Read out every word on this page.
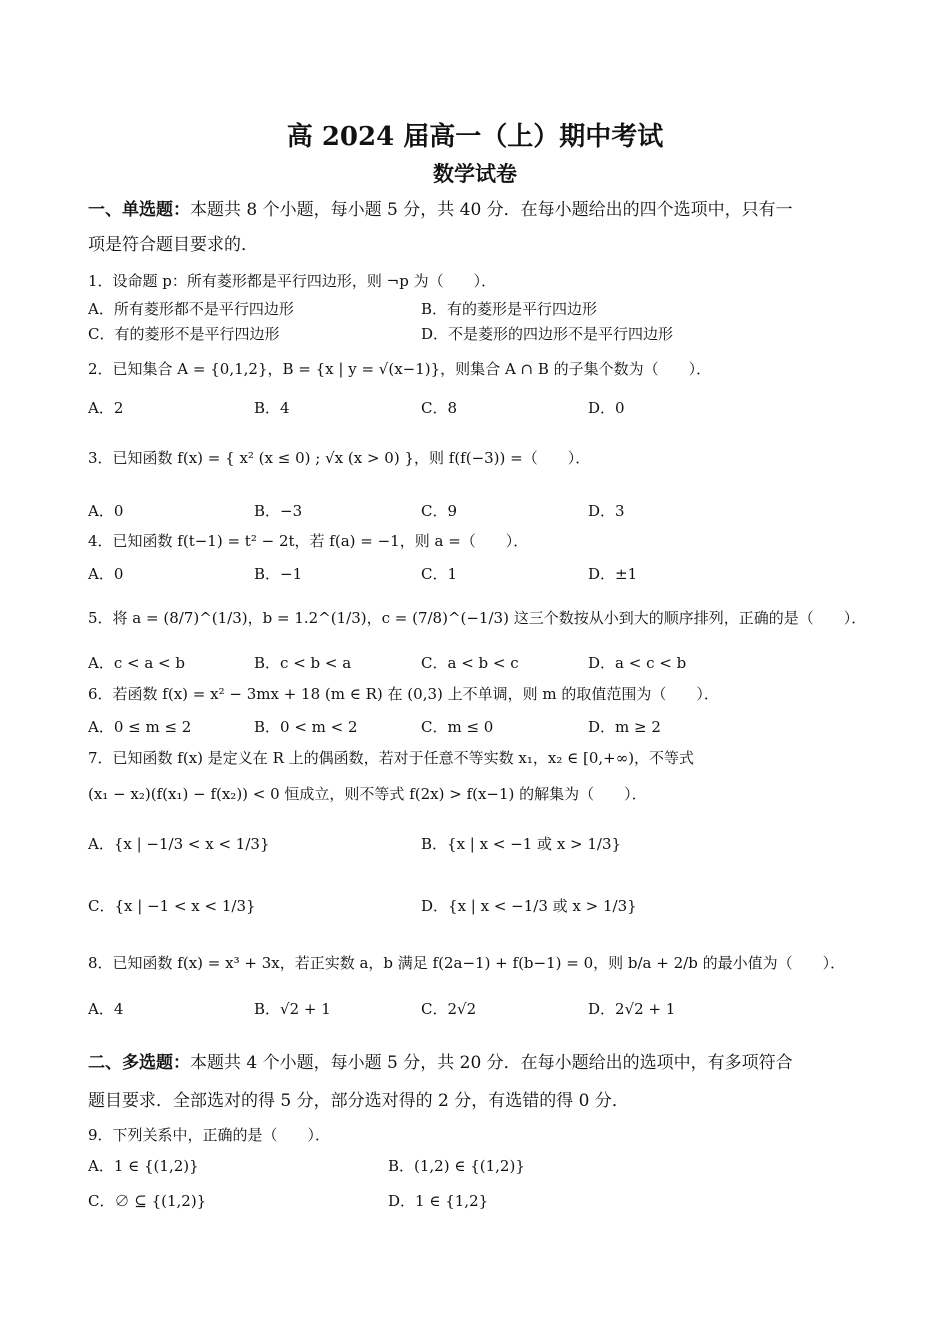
高 2024 届高一（上）期中考试
数学试卷
一、单选题：本题共 8 个小题，每小题 5 分，共 40 分．在每小题给出的四个选项中，只有一
项是符合题目要求的．
1．设命题 p：所有菱形都是平行四边形，则 ¬p 为（　　）．
A．所有菱形都不是平行四边形	B．有的菱形是平行四边形
C．有的菱形不是平行四边形	D．不是菱形的四边形不是平行四边形
2．已知集合 A = {0,1,2}，B = {x | y = √(x−1)}，则集合 A ∩ B 的子集个数为（　　）．
A．2	B．4	C．8	D．0
3．已知函数 f(x) = { x² (x ≤ 0) ; √x (x > 0) }，则 f(f(−3)) =（　　）．
A．0	B．−3	C．9	D．3
4．已知函数 f(t−1) = t² − 2t，若 f(a) = −1，则 a =（　　）．
A．0	B．−1	C．1	D．±1
5．将 a = (8/7)^(1/3)，b = 1.2^(1/3)，c = (7/8)^(−1/3) 这三个数按从小到大的顺序排列，正确的是（　　）．
A．c < a < b	B．c < b < a	C．a < b < c	D．a < c < b
6．若函数 f(x) = x² − 3mx + 18 (m ∈ R) 在 (0,3) 上不单调，则 m 的取值范围为（　　）．
A．0 ≤ m ≤ 2	B．0 < m < 2	C．m ≤ 0	D．m ≥ 2
7．已知函数 f(x) 是定义在 R 上的偶函数，若对于任意不等实数 x₁，x₂ ∈ [0,+∞)，不等式
(x₁ − x₂)(f(x₁) − f(x₂)) < 0 恒成立，则不等式 f(2x) > f(x−1) 的解集为（　　）．
A．{x | −1/3 < x < 1/3}	B．{x | x < −1 或 x > 1/3}
C．{x | −1 < x < 1/3}	D．{x | x < −1/3 或 x > 1/3}
8．已知函数 f(x) = x³ + 3x，若正实数 a，b 满足 f(2a−1) + f(b−1) = 0，则 b/a + 2/b 的最小值为（　　）．
A．4	B．√2 + 1	C．2√2	D．2√2 + 1
二、多选题：本题共 4 个小题，每小题 5 分，共 20 分．在每小题给出的选项中，有多项符合
题目要求．全部选对的得 5 分，部分选对得的 2 分，有选错的得 0 分．
9．下列关系中，正确的是（　　）．
A．1 ∈ {(1,2)}	B．(1,2) ∈ {(1,2)}
C．∅ ⊆ {(1,2)}	D．1 ∈ {1,2}
